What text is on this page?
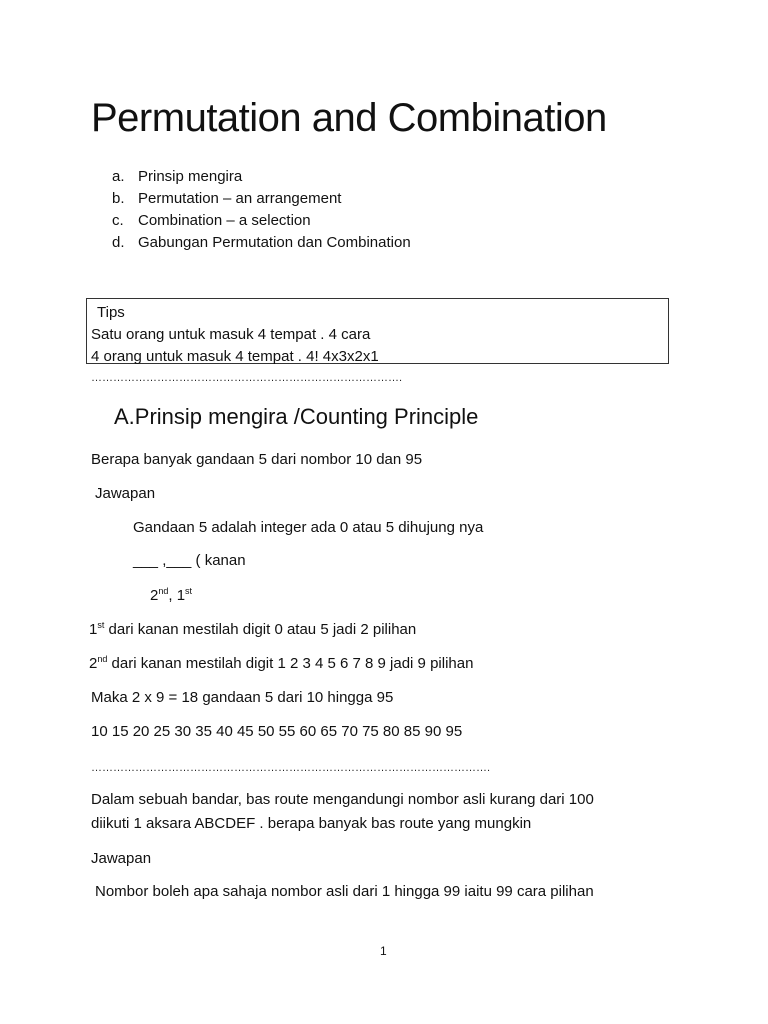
Permutation and Combination
a. Prinsip mengira
b. Permutation – an arrangement
c. Combination – a selection
d. Gabungan Permutation dan Combination
Tips
Satu orang untuk masuk 4 tempat . 4 cara
4 orang untuk masuk 4 tempat . 4! 4x3x2x1
………………………………………………………………………….
A.Prinsip mengira /Counting Principle
Berapa banyak gandaan 5 dari nombor 10 dan 95
Jawapan
Gandaan 5 adalah integer ada 0 atau 5 dihujung nya
___ ,___ ( kanan
2nd, 1st
1st dari kanan mestilah digit 0 atau 5 jadi 2 pilihan
2nd dari kanan mestilah digit 1 2 3 4 5 6 7 8 9 jadi 9 pilihan
Maka 2 x 9 = 18 gandaan 5 dari 10 hingga 95
10 15 20 25 30 35 40 45 50 55 60 65 70 75 80 85 90 95
……………………………………………………………………………………………….
Dalam sebuah bandar, bas route mengandungi nombor asli kurang dari 100
diikuti 1 aksara ABCDEF . berapa banyak bas route yang mungkin
Jawapan
Nombor boleh apa sahaja nombor asli dari 1 hingga 99 iaitu 99 cara pilihan
1
